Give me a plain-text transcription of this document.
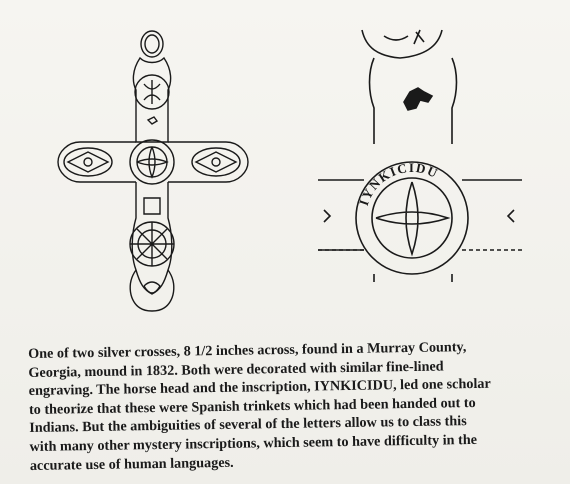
IYNKICIDU
One of two silver crosses, 8 1/2 inches across, found in a Murray County,
Georgia, mound in 1832. Both were decorated with similar fine-lined
engraving. The horse head and the inscription, IYNKICIDU, led one scholar
to theorize that these were Spanish trinkets which had been handed out to
Indians. But the ambiguities of several of the letters allow us to class this
with many other mystery inscriptions, which seem to have difficulty in the
accurate use of human languages.
